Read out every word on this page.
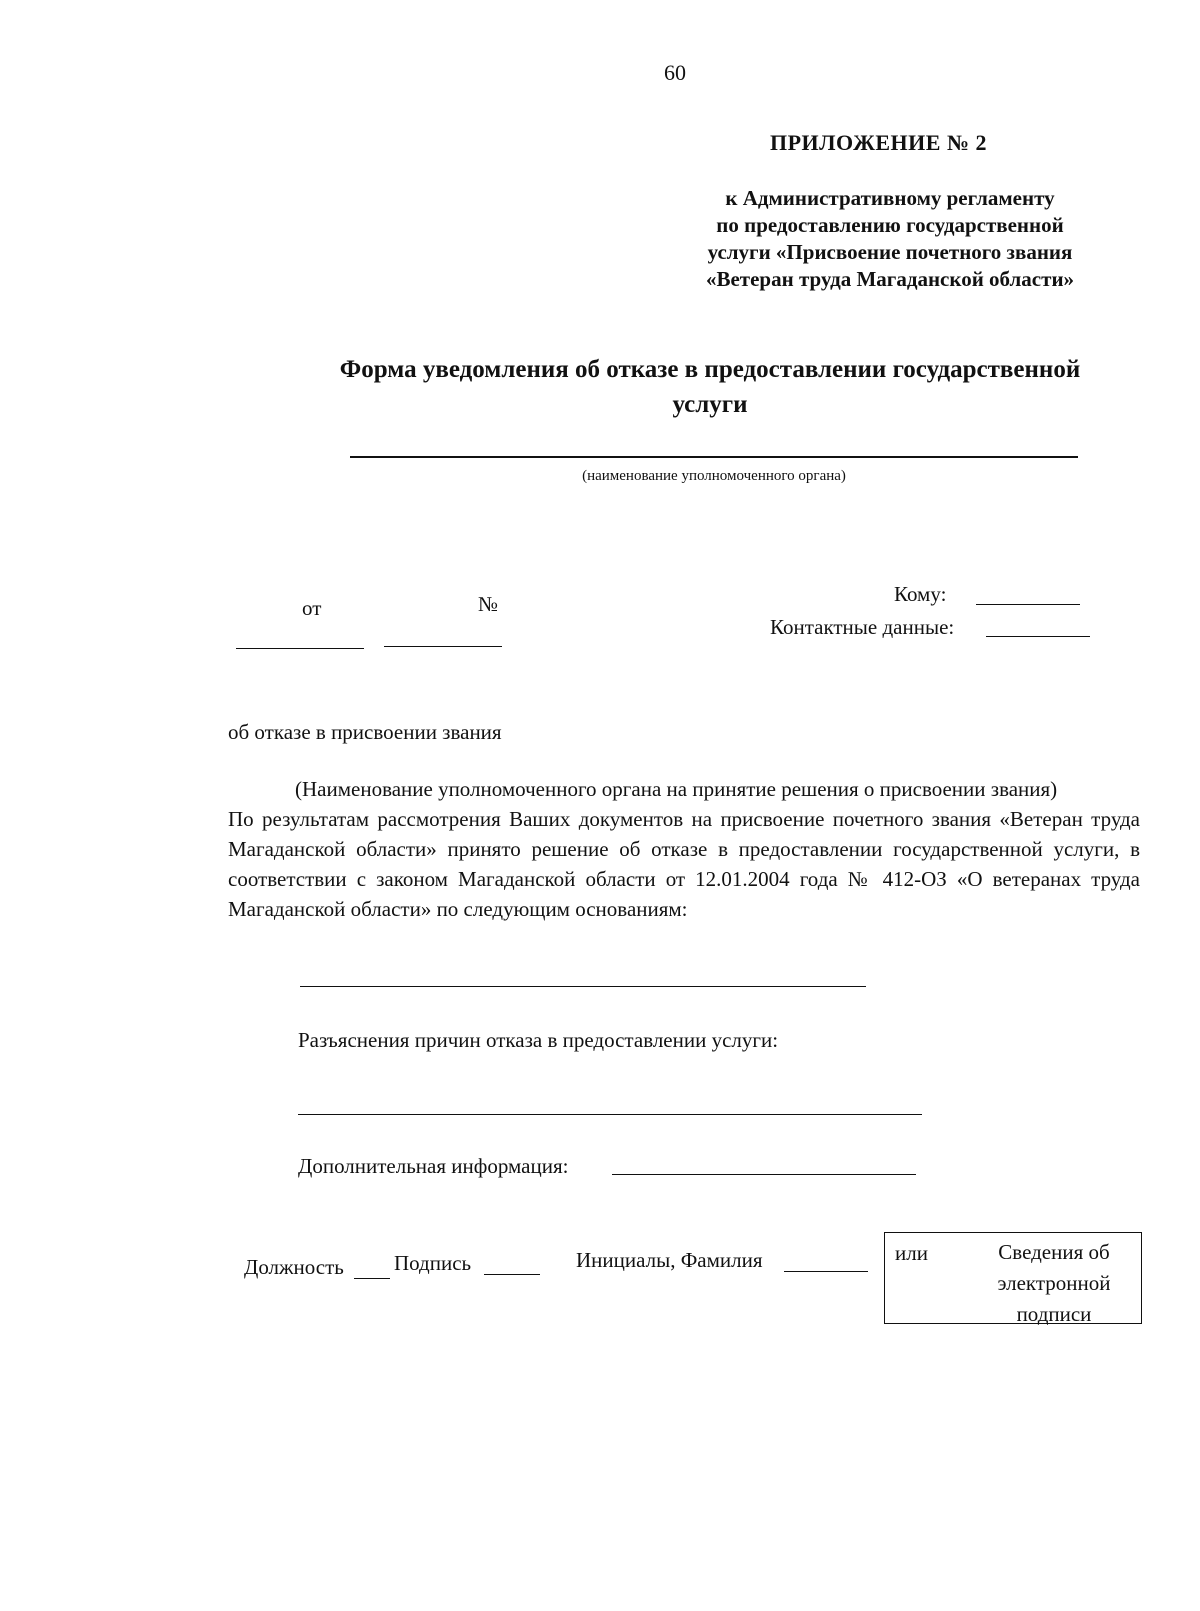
60
ПРИЛОЖЕНИЕ № 2
к Административному регламенту
по предоставлению государственной
услуги «Присвоение почетного звания
«Ветеран труда Магаданской области»
Форма уведомления об отказе в предоставлении государственной
услуги
(наименование уполномоченного органа)
от	№	Кому:
Контактные данные:
об отказе в присвоении звания
(Наименование уполномоченного органа на принятие решения о присвоении звания)
По результатам рассмотрения Ваших документов на присвоение почетного звания «Ветеран труда Магаданской области» принято решение об отказе в предоставлении государственной услуги, в соответствии с законом Магаданской области от 12.01.2004 года № 412-ОЗ «О ветеранах труда Магаданской области» по следующим основаниям:
Разъяснения причин отказа в предоставлении услуги:
Дополнительная информация:
Должность Подпись	Инициалы, Фамилия	или	Сведения об
электронной
подписи
